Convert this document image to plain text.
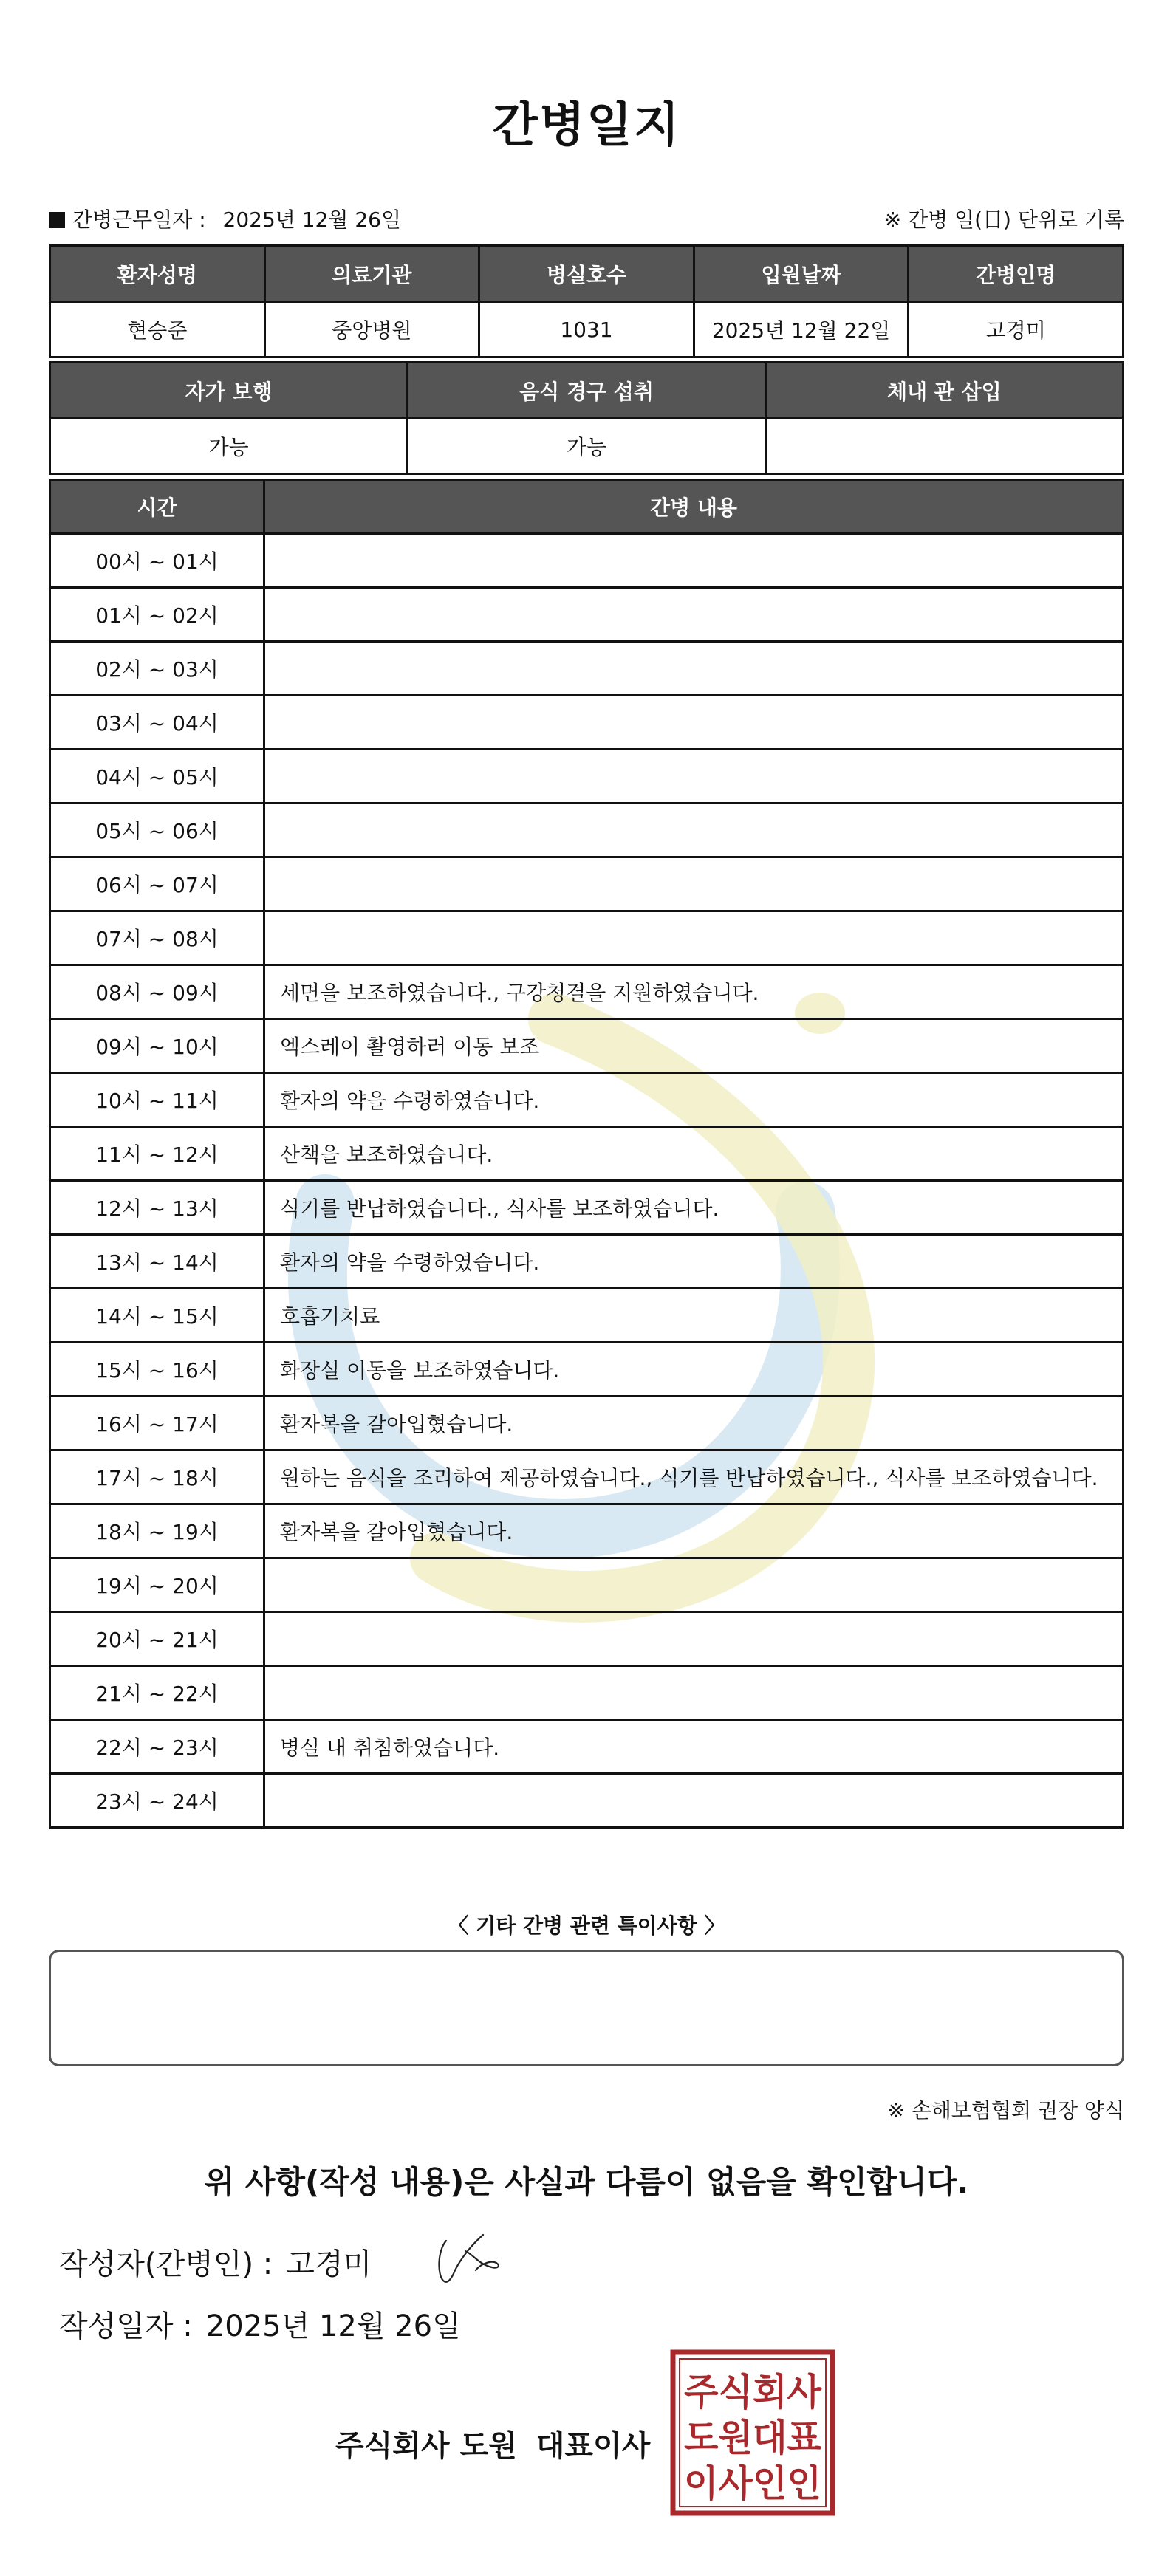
간병일지
간병근무일자 : 2025년 12월 26일	※ 간병 일(日) 단위로 기록
환자성명	의료기관	병실호수	입원날짜	간병인명
현승준	중앙병원	1031	2025년 12월 22일	고경미
자가 보행	음식 경구 섭취	체내 관 삽입
가능	가능	
시간	간병 내용
00시 ~ 01시	
01시 ~ 02시	
02시 ~ 03시	
03시 ~ 04시	
04시 ~ 05시	
05시 ~ 06시	
06시 ~ 07시	
07시 ~ 08시	
08시 ~ 09시	세면을 보조하였습니다., 구강청결을 지원하였습니다.
09시 ~ 10시	엑스레이 촬영하러 이동 보조
10시 ~ 11시	환자의 약을 수령하였습니다.
11시 ~ 12시	산책을 보조하였습니다.
12시 ~ 13시	식기를 반납하였습니다., 식사를 보조하였습니다.
13시 ~ 14시	환자의 약을 수령하였습니다.
14시 ~ 15시	호흡기치료
15시 ~ 16시	화장실 이동을 보조하였습니다.
16시 ~ 17시	환자복을 갈아입혔습니다.
17시 ~ 18시	원하는 음식을 조리하여 제공하였습니다., 식기를 반납하였습니다., 식사를 보조하였습니다.
18시 ~ 19시	환자복을 갈아입혔습니다.
19시 ~ 20시	
20시 ~ 21시	
21시 ~ 22시	
22시 ~ 23시	병실 내 취침하였습니다.
23시 ~ 24시	
〈 기타 간병 관련 특이사항 〉
※ 손해보험협회 권장 양식
위 사항(작성 내용)은 사실과 다름이 없음을 확인합니다.
작성자(간병인) : 고경미
작성일자 : 2025년 12월 26일
주식회사 도원 대표이사
주식회사
도원대표
이사인인
